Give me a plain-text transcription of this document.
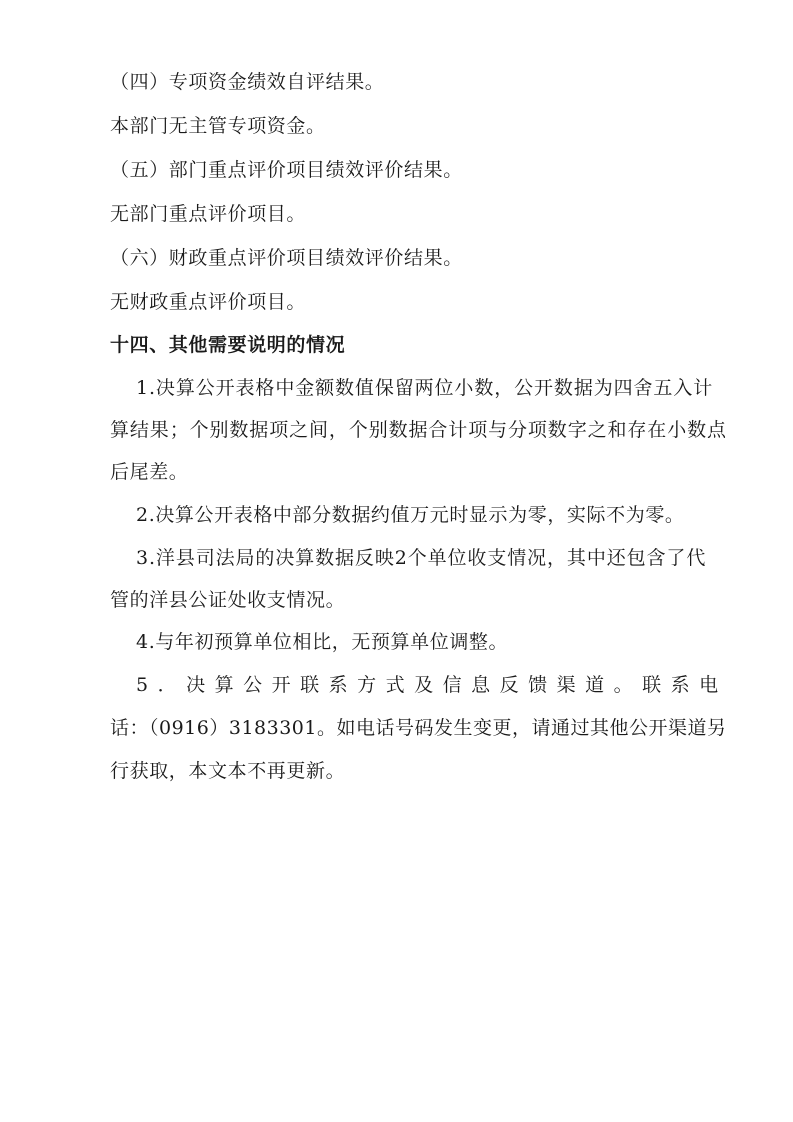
（四）专项资金绩效自评结果。
本部门无主管专项资金。
（五）部门重点评价项目绩效评价结果。
无部门重点评价项目。
（六）财政重点评价项目绩效评价结果。
无财政重点评价项目。
十四、其他需要说明的情况
1.决算公开表格中金额数值保留两位小数，公开数据为四舍五入计
算结果；个别数据项之间，个别数据合计项与分项数字之和存在小数点
后尾差。
2.决算公开表格中部分数据约值万元时显示为零，实际不为零。
3.洋县司法局的决算数据反映2个单位收支情况，其中还包含了代
管的洋县公证处收支情况。
4.与年初预算单位相比，无预算单位调整。
5．决算公开联系方式及信息反馈渠道。联系电
话：（0916）3183301。如电话号码发生变更，请通过其他公开渠道另
行获取，本文本不再更新。
